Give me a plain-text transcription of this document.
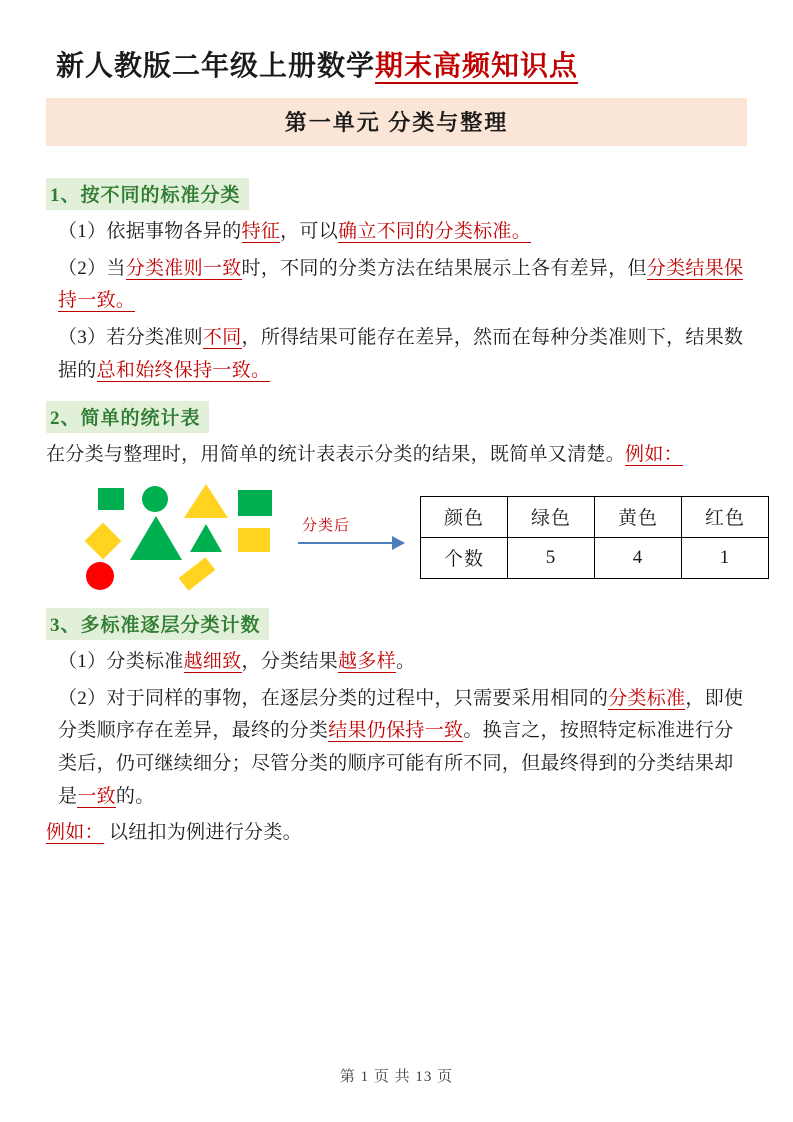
新人教版二年级上册数学期末高频知识点
第一单元 分类与整理
1、按不同的标准分类

（1）依据事物各异的特征，可以确立不同的分类标准。

（2）当分类准则一致时，不同的分类方法在结果展示上各有差异，但分类结果保持一致。

（3）若分类准则不同，所得结果可能存在差异，然而在每种分类准则下，结果数据的总和始终保持一致。

2、简单的统计表

在分类与整理时，用简单的统计表表示分类的结果，既简单又清楚。例如：

分类后	颜色	绿色	黄色	红色
个数	5	4	1
3、多标准逐层分类计数

（1）分类标准越细致，分类结果越多样。

（2）对于同样的事物，在逐层分类的过程中，只需要采用相同的分类标准，即使分类顺序存在差异，最终的分类结果仍保持一致。换言之，按照特定标准进行分类后，仍可继续细分；尽管分类的顺序可能有所不同，但最终得到的分类结果却是一致的。

例如： 以纽扣为例进行分类。

第 1 页 共 13 页
